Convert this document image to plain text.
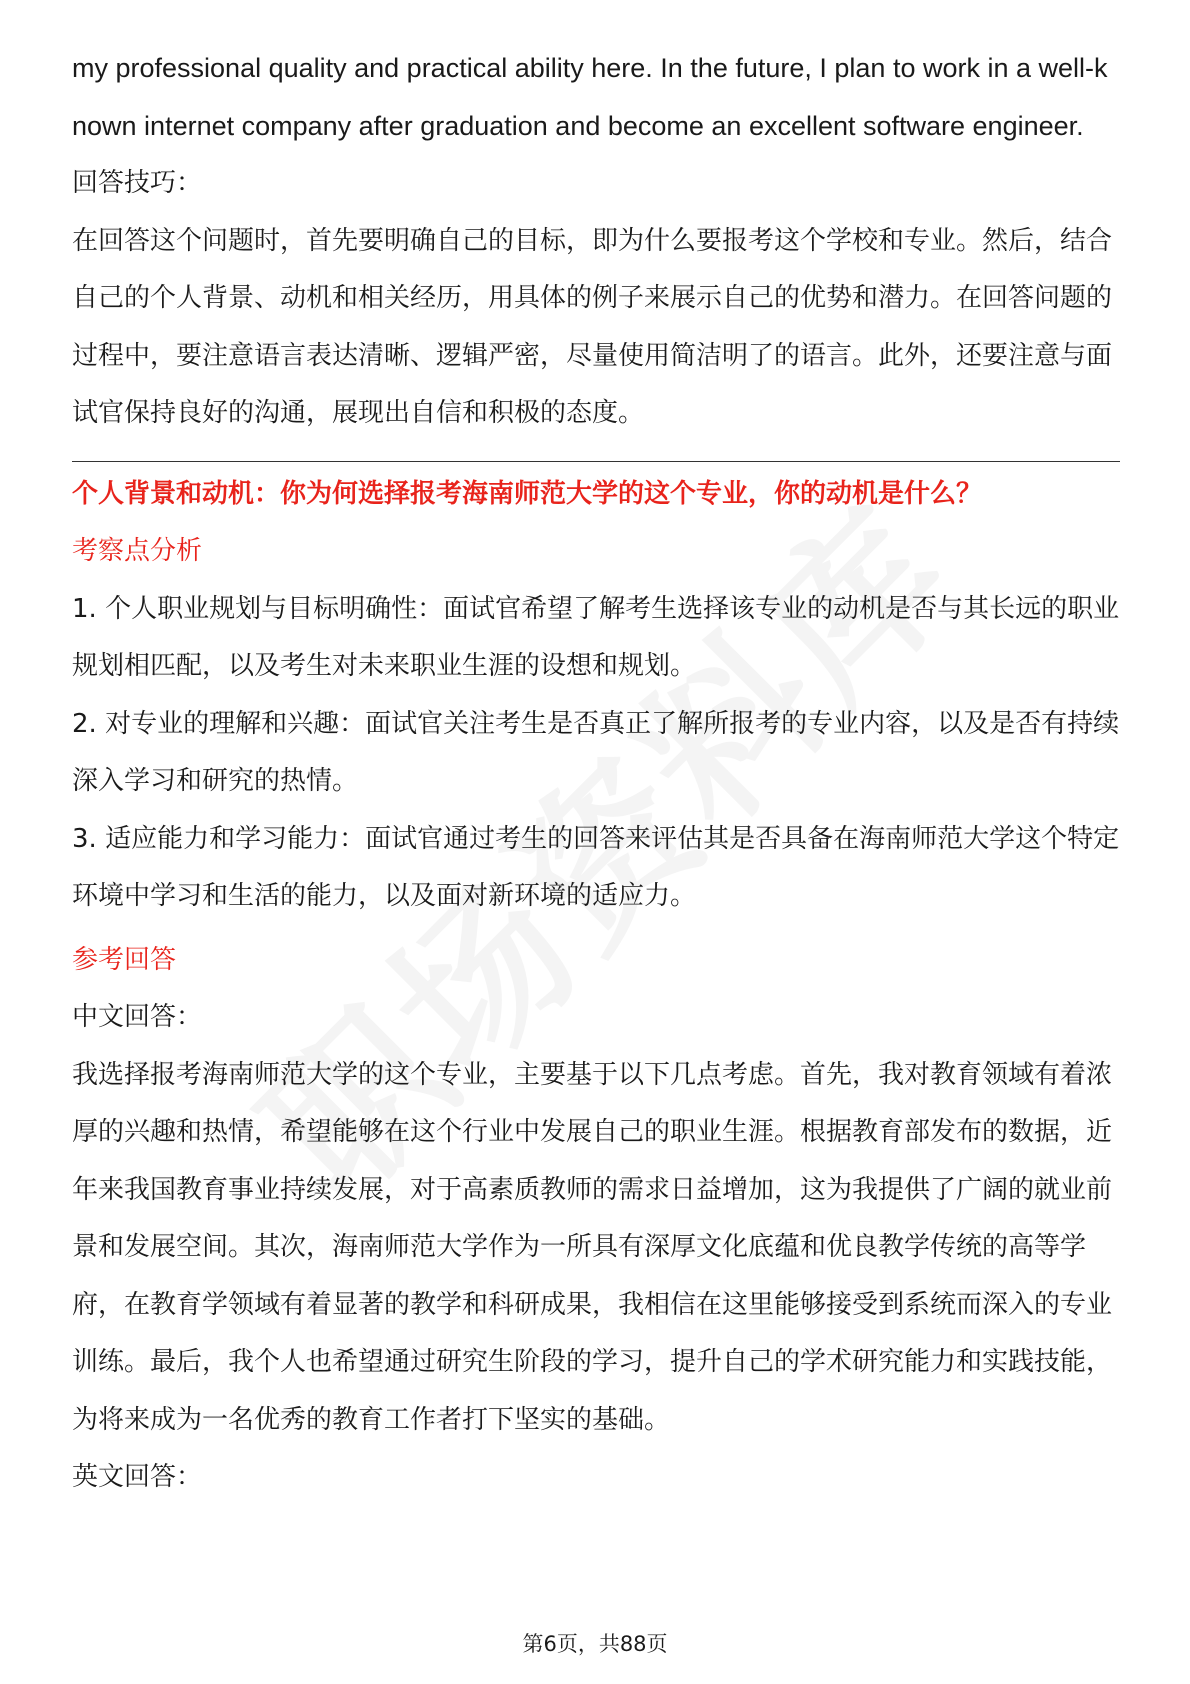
my professional quality and practical ability here. In the future, I plan to work in a well-known internet company after graduation and become an excellent software engineer.

回答技巧：

在回答这个问题时，首先要明确自己的目标，即为什么要报考这个学校和专业。然后，结合自己的个人背景、动机和相关经历，用具体的例子来展示自己的优势和潜力。在回答问题的过程中，要注意语言表达清晰、逻辑严密，尽量使用简洁明了的语言。此外，还要注意与面试官保持良好的沟通，展现出自信和积极的态度。

个人背景和动机：你为何选择报考海南师范大学的这个专业，你的动机是什么？

考察点分析

1. 个人职业规划与目标明确性：面试官希望了解考生选择该专业的动机是否与其长远的职业规划相匹配，以及考生对未来职业生涯的设想和规划。

2. 对专业的理解和兴趣：面试官关注考生是否真正了解所报考的专业内容，以及是否有持续深入学习和研究的热情。

3. 适应能力和学习能力：面试官通过考生的回答来评估其是否具备在海南师范大学这个特定环境中学习和生活的能力，以及面对新环境的适应力。

参考回答

中文回答：

我选择报考海南师范大学的这个专业，主要基于以下几点考虑。首先，我对教育领域有着浓厚的兴趣和热情，希望能够在这个行业中发展自己的职业生涯。根据教育部发布的数据，近年来我国教育事业持续发展，对于高素质教师的需求日益增加，这为我提供了广阔的就业前景和发展空间。其次，海南师范大学作为一所具有深厚文化底蕴和优良教学传统的高等学府，在教育学领域有着显著的教学和科研成果，我相信在这里能够接受到系统而深入的专业训练。最后，我个人也希望通过研究生阶段的学习，提升自己的学术研究能力和实践技能，为将来成为一名优秀的教育工作者打下坚实的基础。

英文回答：

第6页，共88页
